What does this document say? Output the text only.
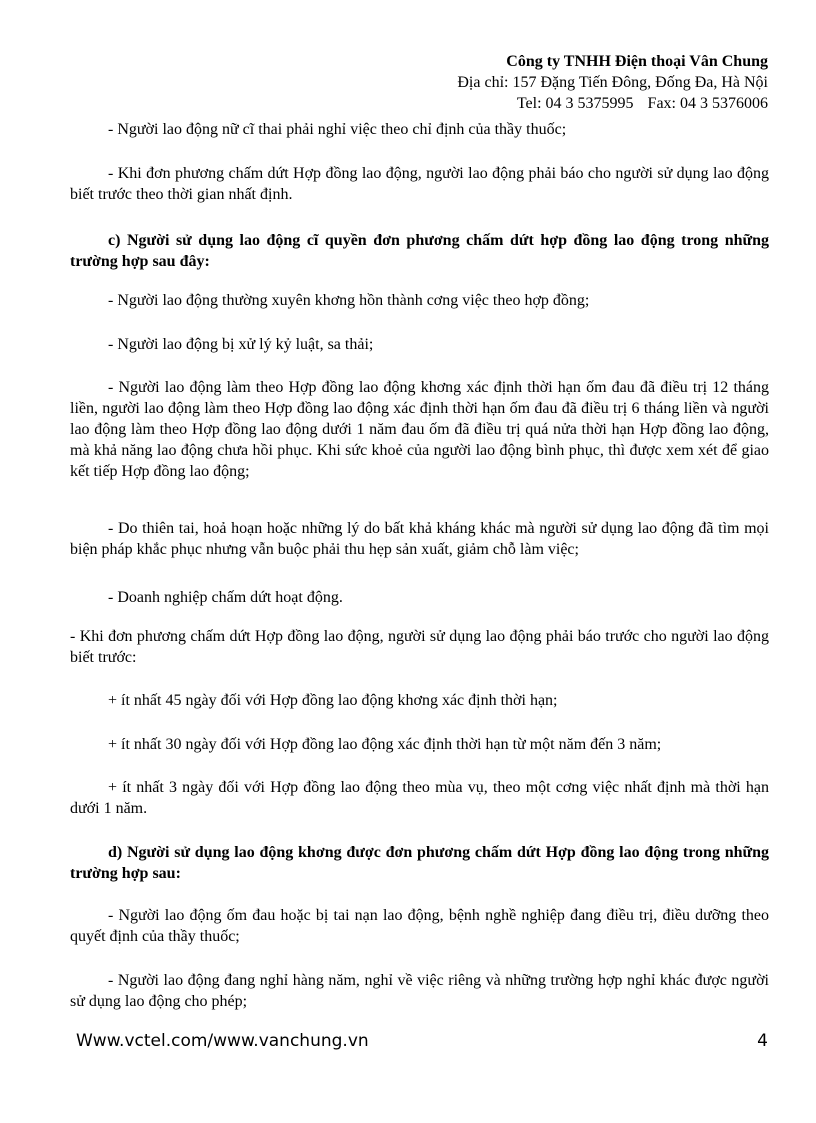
Công ty TNHH Điện thoại Vân Chung
Địa chỉ: 157 Đặng Tiến Đông, Đống Đa, Hà Nội
Tel: 04 3 5375995 Fax: 04 3 5376006

- Người lao động nữ cĩ thai phải nghỉ việc theo chỉ định của thầy thuốc;

- Khi đơn phương chấm dứt Hợp đồng lao động, người lao động phải báo cho người sử dụng lao động biết trước theo thời gian nhất định.

c) Người sử dụng lao động cĩ quyền đơn phương chấm dứt hợp đồng lao động trong những trường hợp sau đây:

- Người lao động thường xuyên khơng hồn thành cơng việc theo hợp đồng;

- Người lao động bị xử lý kỷ luật, sa thải;

- Người lao động làm theo Hợp đồng lao động khơng xác định thời hạn ốm đau đã điều trị 12 tháng liền, người lao động làm theo Hợp đồng lao động xác định thời hạn ốm đau đã điều trị 6 tháng liền và người lao động làm theo Hợp đồng lao động dưới 1 năm đau ốm đã điều trị quá nửa thời hạn Hợp đồng lao động, mà khả năng lao động chưa hồi phục. Khi sức khoẻ của người lao động bình phục, thì được xem xét để giao kết tiếp Hợp đồng lao động;

- Do thiên tai, hoả hoạn hoặc những lý do bất khả kháng khác mà người sử dụng lao động đã tìm mọi biện pháp khắc phục nhưng vẫn buộc phải thu hẹp sản xuất, giảm chỗ làm việc;

- Doanh nghiệp chấm dứt hoạt động.

- Khi đơn phương chấm dứt Hợp đồng lao động, người sử dụng lao động phải báo trước cho người lao động biết trước:

+ ít nhất 45 ngày đối với Hợp đồng lao động khơng xác định thời hạn;

+ ít nhất 30 ngày đối với Hợp đồng lao động xác định thời hạn từ một năm đến 3 năm;

+ ít nhất 3 ngày đối với Hợp đồng lao động theo mùa vụ, theo một cơng việc nhất định mà thời hạn dưới 1 năm.

d) Người sử dụng lao động khơng được đơn phương chấm dứt Hợp đồng lao động trong những trường hợp sau:

- Người lao động ốm đau hoặc bị tai nạn lao động, bệnh nghề nghiệp đang điều trị, điều dưỡng theo quyết định của thầy thuốc;

- Người lao động đang nghỉ hàng năm, nghỉ về việc riêng và những trường hợp nghỉ khác được người sử dụng lao động cho phép;

Www.vctel.com/www.vanchung.vn	4
